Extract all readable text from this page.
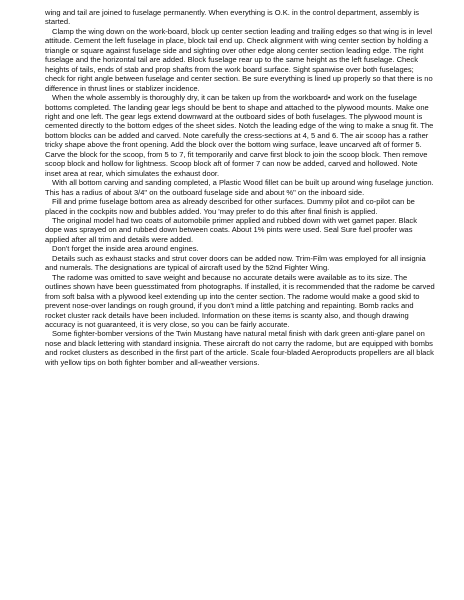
wing and tail are joined to fuselage permanently. When everything is O.K. in the control department, assembly is started.

Clamp the wing down on the work-board, block up center section leading and trailing edges so that wing is in level attitude. Cement the left fuselage in place, block tail end up. Check alignment with wing center section by holding a triangle or square against fuselage side and sighting over other edge along center section leading edge. The right fuselage and the horizontal tail are added. Block fuselage rear up to the same height as the left fuselage. Check heights of tails, ends of stab and prop shafts from the work board surface. Sight spanwise over both fuselages; check for right angle between fuselage and center section. Be sure everything is lined up properly so that there is no difference in thrust lines or stablizer incidence.

When the whole assembly is thoroughly dry, it can be taken up from the workboard• and work on the fuselage bottoms completed. The landing gear legs should be bent to shape and attached to the plywood mounts. Make one right and one left. The gear legs extend downward at the outboard sides of both fuselages. The plywood mount is cemented directly to the bottom edges of the sheet sides. Notch the leading edge of the wing to make a snug fit. The bottom blocks can be added and carved. Note carefully the cress-sections at 4, 5 and 6. The air scoop has a rather tricky shape above the front opening. Add the block over the bottom wing surface, leave uncarved aft of former 5. Carve the block for the scoop, from 5 to 7, fit temporarily and carve first block to join the scoop block. Then remove scoop block and hollow for lightness. Scoop block aft of former 7 can now be added, carved and hollowed. Note inset area at rear, which simulates the exhaust door.

With all bottom carving and sanding completed, a Plastic Wood fillet can be built up around wing fuselage junction. This has a radius of about 3/4" on the outboard fuselage side and about %" on the inboard side.

Fill and prime fuselage bottom area as already described for other surfaces. Dummy pilot and co-pilot can be placed in the cockpits now and bubbles added. You 'may prefer to do this after final finish is applied.

The original model had two coats of automobile primer applied and rubbed down with wet garnet paper. Black dope was sprayed on and rubbed down between coats. About 1% pints were used. Seal Sure fuel proofer was applied after all trim and details were added.

Don't forget the inside area around engines.

Details such as exhaust stacks and strut cover doors can be added now. Trim-Film was employed for all insignia and numerals. The designations are typical of aircraft used by the 52nd Fighter Wing.

The radome was omitted to save weight and because no accurate details were available as to its size. The outlines shown have been guesstimated from photographs. If installed, it is recommended that the radome be carved from soft balsa with a plywood keel extending up into the center section. The radome would make a good skid to prevent nose-over landings on rough ground, if you don't mind a little patching and repainting. Bomb racks and rocket cluster rack details have been included. Information on these items is scanty also, and though drawing accuracy is not guaranteed, it is very close, so you can be fairly accurate.

Some fighter-bomber versions of the Twin Mustang have natural metal finish with dark green anti-glare panel on nose and black lettering with standard insignia. These aircraft do not carry the radome, but are equipped with bombs and rocket clusters as described in the first part of the article. Scale four-bladed Aeroproducts propellers are all black with yellow tips on both fighter bomber and all-weather versions.
